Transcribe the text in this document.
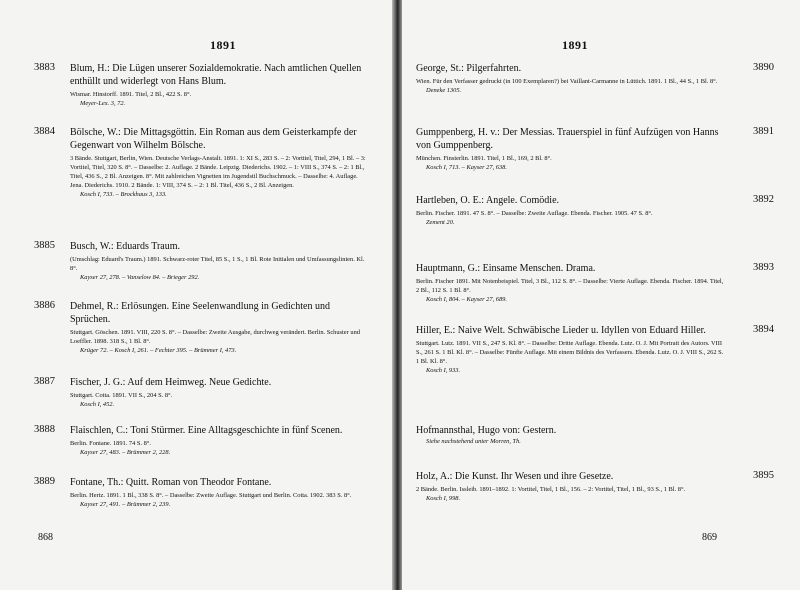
1891
3883 Blum, H.: Die Lügen unserer Sozialdemokratie. Nach amtlichen Quellen enthüllt und widerlegt von Hans Blum.
Wismar. Hinstorff. 1891. Titel, 2 Bl., 422 S. 8°.
Meyer-Lex. 3, 72.
3884 Bölsche, W.: Die Mittagsgöttin. Ein Roman aus dem Geisterkampfe der Gegenwart von Wilhelm Bölsche.
3 Bände. Stuttgart, Berlin, Wien. Deutsche Verlags-Anstalt. 1891. 1: XI S., 283 S. – 2: Vortitel, Titel, 294, 1 Bl. – 3: Vortitel, Titel, 320 S. 8°. – Dasselbe: 2. Auflage. 2 Bände. Leipzig. Diederichs. 1902. – 1: VIII S., 374 S. – 2: 1 Bl., Titel, 436 S., 2 Bl. Anzeigen. 8°. Mit zahlreichen Vignetten im Jugendstil Buchschmuck. – Dasselbe: 4. Auflage. Jena. Diederichs. 1910. 2 Bände. 1: VIII, 374 S. – 2: 1 Bl. Titel, 436 S., 2 Bl. Anzeigen.
Kosch I, 733. – Brockhaus 3, 133.
3885 Busch, W.: Eduards Traum.
(Umschlag: Eduard's Traum.) 1891. Schwarz-roter Titel, 85 S., 1 S., 1 Bl. Rote Initialen und Umfassungslinien. Kl. 8°.
Kayser 27, 278. – Vanselow 84. – Brieger 292.
3886 Dehmel, R.: Erlösungen. Eine Seelenwandlung in Gedichten und Sprüchen.
Stuttgart. Göschen. 1891. VIII, 220 S. 8°. – Dasselbe: Zweite Ausgabe, durchweg verändert. Berlin. Schuster und Loeffler. 1898. 318 S., 1 Bl. 8°.
Krüger 72. – Kosch I, 261. – Fechter 395. – Brümmer I, 473.
3887 Fischer, J. G.: Auf dem Heimweg. Neue Gedichte.
Stuttgart. Cotta. 1891. VII S., 204 S. 8°.
Kosch I, 452.
3888 Flaischlen, C.: Toni Stürmer. Eine Alltagsgeschichte in fünf Scenen.
Berlin. Fontane. 1891. 74 S. 8°.
Kayser 27, 483. – Brümmer 2, 228.
3889 Fontane, Th.: Quitt. Roman von Theodor Fontane.
Berlin. Hertz. 1891. 1 Bl., 338 S. 8°. – Dasselbe: Zweite Auflage. Stuttgart und Berlin. Cotta. 1902. 383 S. 8°.
Kayser 27, 491. – Brümmer 2, 239.
868
1891
3890
George, St.: Pilgerfahrten.
Wien. Für den Verfasser gedruckt (in 100 Exemplaren?) bei Vaillant-Carmanne in Lüttich. 1891. 1 Bl., 44 S., 1 Bl. 8°.
Deneke 1305.
3891
Gumppenberg, H. v.: Der Messias. Trauerspiel in fünf Aufzügen von Hanns von Gumppenberg.
München. Finsterlin. 1891. Titel, 1 Bl., 169, 2 Bl. 8°.
Kosch I, 713. – Kayser 27, 638.
3892
Hartleben, O. E.: Angele. Comödie.
Berlin. Fischer. 1891. 47 S. 8°. – Dasselbe: Zweite Auflage. Ebenda. Fischer. 1905. 47 S. 8°.
Zement 20.
3893
Hauptmann, G.: Einsame Menschen. Drama.
Berlin. Fischer 1891. Mit Notenbeispiel. Titel, 3 Bl., 112 S. 8°. – Dasselbe: Vierte Auflage. Ebenda. Fischer. 1894. Titel, 2 Bl., 112 S. 1 Bl. 8°.
Kosch I, 804. – Kayser 27, 689.
3894
Hiller, E.: Naive Welt. Schwäbische Lieder u. Idyllen von Eduard Hiller.
Stuttgart. Lutz. 1891. VII S., 247 S. Kl. 8°. – Dasselbe: Dritte Auflage. Ebenda. Lutz. O. J. Mit Portrait des Autors. VIII S., 261 S. 1 Bl. Kl. 8°. – Dasselbe: Fünfte Auflage. Mit einem Bildnis des Verfassers. Ebenda. Lutz. O. J. VIII S., 262 S. 1 Bl. Kl. 8°.
Kosch I, 933.
Hofmannsthal, Hugo von: Gestern.
Siehe nachstehend unter Morren, Th.
3895
Holz, A.: Die Kunst. Ihr Wesen und ihre Gesetze.
2 Bände. Berlin. Issleib. 1891–1892. 1: Vortitel, Titel, 1 Bl., 156. – 2: Vortitel, Titel, 1 Bl., 93 S., 1 Bl. 8°.
Kosch I, 998.
869
